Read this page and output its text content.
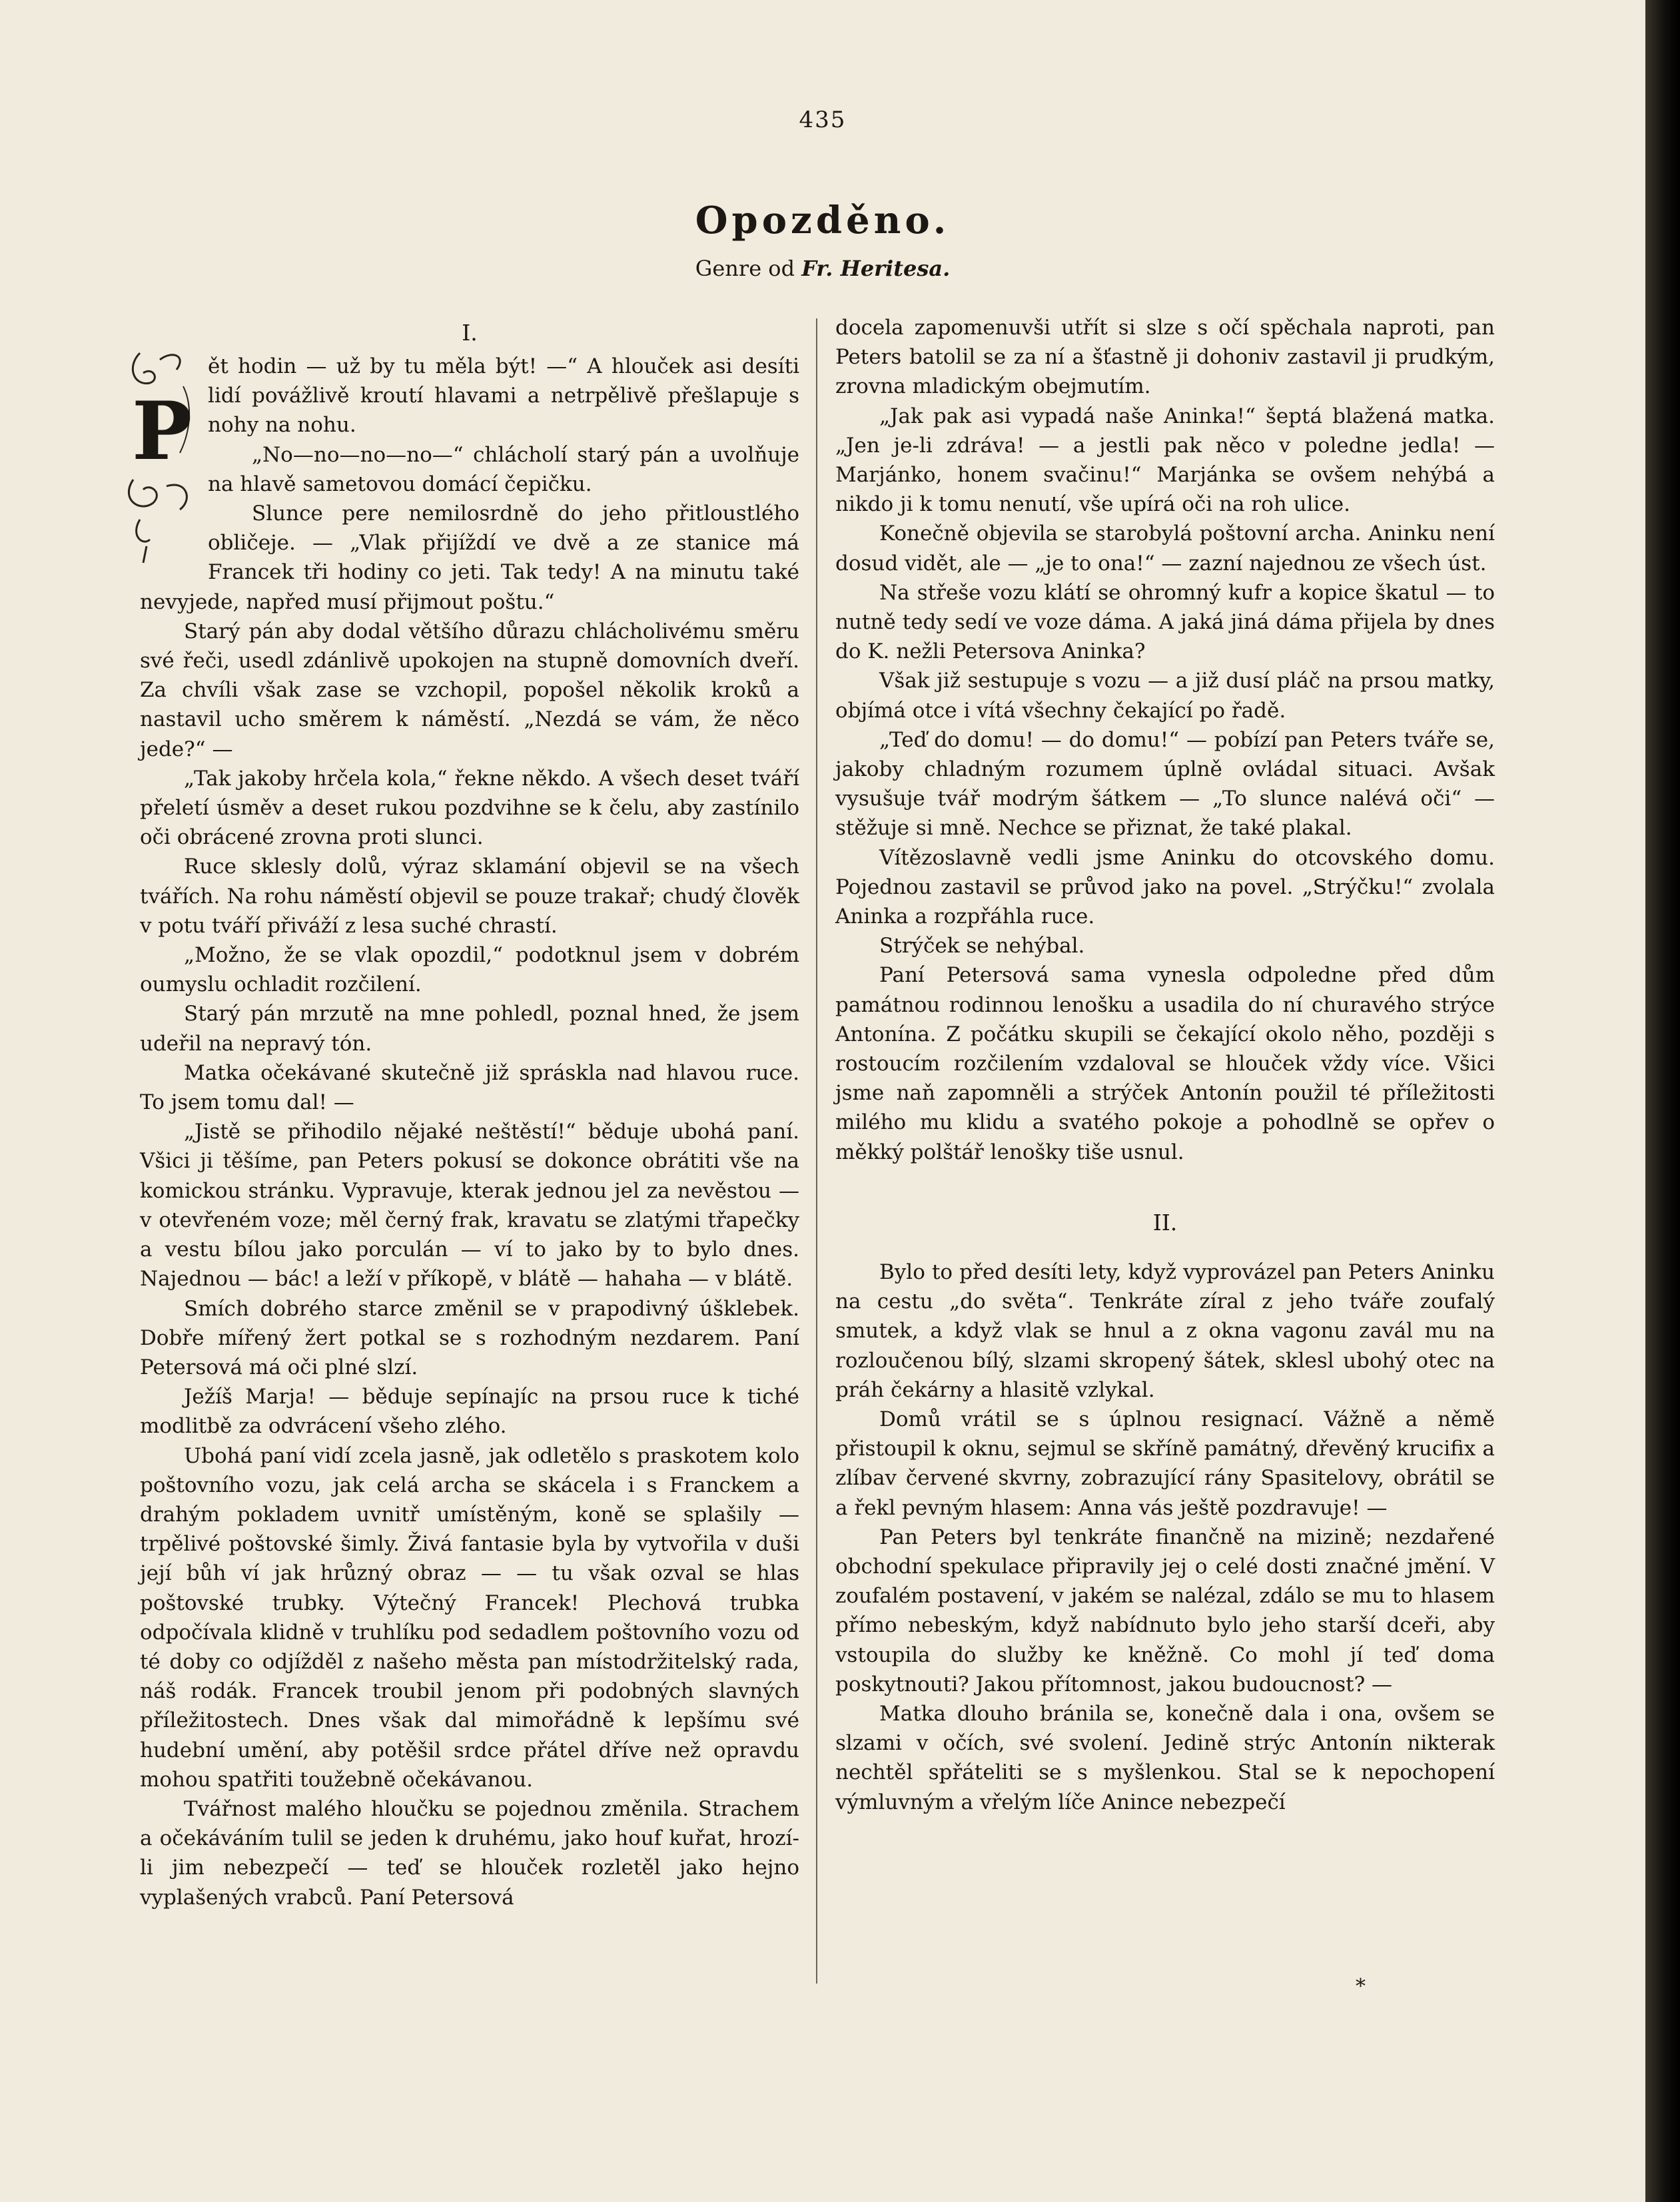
435
Opozděno.
Genre od Fr. Heritesa.
I.

P
ět hodin — už by tu měla být! —“ A hlouček asi desíti lidí povážlivě kroutí hlavami a netrpělivě přešlapuje s nohy na nohu.

„No—no—no—no—“ chlácholí starý pán a uvolňuje na hlavě sametovou domácí čepičku.

Slunce pere nemilosrdně do jeho přitloustlého obličeje. — „Vlak přijíždí ve dvě a ze stanice má Francek tři hodiny co jeti. Tak tedy! A na minutu také nevyjede, napřed musí přijmout poštu.“

Starý pán aby dodal většího důrazu chlácholivému směru své řeči, usedl zdánlivě upokojen na stupně domovních dveří. Za chvíli však zase se vzchopil, popošel několik kroků a nastavil ucho směrem k náměstí. „Nezdá se vám, že něco jede?“ —

„Tak jakoby hrčela kola,“ řekne někdo. A všech deset tváří přeletí úsměv a deset rukou pozdvihne se k čelu, aby zastínilo oči obrácené zrovna proti slunci.

Ruce sklesly dolů, výraz sklamání objevil se na všech tvářích. Na rohu náměstí objevil se pouze trakař; chudý člověk v potu tváří přiváží z lesa suché chrastí.

„Možno, že se vlak opozdil,“ podotknul jsem v dobrém oumyslu ochladit rozčilení.

Starý pán mrzutě na mne pohledl, poznal hned, že jsem udeřil na nepravý tón.

Matka očekávané skutečně již spráskla nad hlavou ruce. To jsem tomu dal! —

„Jistě se přihodilo nějaké neštěstí!“ běduje ubohá paní. Všici ji těšíme, pan Peters pokusí se dokonce obrátiti vše na komickou stránku. Vypravuje, kterak jednou jel za nevěstou — v otevřeném voze; měl černý frak, kravatu se zlatými třapečky a vestu bílou jako porculán — ví to jako by to bylo dnes. Najednou — bác! a leží v příkopě, v blátě — hahaha — v blátě.

Smích dobrého starce změnil se v prapodivný úšklebek. Dobře mířený žert potkal se s rozhodným nezdarem. Paní Petersová má oči plné slzí.

Ježíš Marja! — běduje sepínajíc na prsou ruce k tiché modlitbě za odvrácení všeho zlého.

Ubohá paní vidí zcela jasně, jak odletělo s praskotem kolo poštovního vozu, jak celá archa se skácela i s Franckem a drahým pokladem uvnitř umístěným, koně se splašily — trpělivé poštovské šimly. Živá fantasie byla by vytvořila v duši její bůh ví jak hrůzný obraz — — tu však ozval se hlas poštovské trubky. Výtečný Francek! Plechová trubka odpočívala klidně v truhlíku pod sedadlem poštovního vozu od té doby co odjížděl z našeho města pan místodržitelský rada, náš rodák. Francek troubil jenom při podobných slavných příležitostech. Dnes však dal mimořádně k lepšímu své hudební umění, aby potěšil srdce přátel dříve než opravdu mohou spatřiti toužebně očekávanou.

Tvářnost malého hloučku se pojednou změnila. Strachem a očekáváním tulil se jeden k druhému, jako houf kuřat, hrozí-li jim nebezpečí — teď se hlouček rozletěl jako hejno vyplašených vrabců. Paní Petersová

docela zapomenuvši utřít si slze s očí spěchala naproti, pan Peters batolil se za ní a šťastně ji dohoniv zastavil ji prudkým, zrovna mladickým obejmutím.

„Jak pak asi vypadá naše Aninka!“ šeptá blažená matka. „Jen je-li zdráva! — a jestli pak něco v poledne jedla! — Marjánko, honem svačinu!“ Marjánka se ovšem nehýbá a nikdo ji k tomu nenutí, vše upírá oči na roh ulice.

Konečně objevila se starobylá poštovní archa. Aninku není dosud vidět, ale — „je to ona!“ — zazní najednou ze všech úst.

Na střeše vozu klátí se ohromný kufr a kopice škatul — to nutně tedy sedí ve voze dáma. A jaká jiná dáma přijela by dnes do K. nežli Petersova Aninka?

Však již sestupuje s vozu — a již dusí pláč na prsou matky, objímá otce i vítá všechny čekající po řadě.

„Teď do domu! — do domu!“ — pobízí pan Peters tváře se, jakoby chladným rozumem úplně ovládal situaci. Avšak vysušuje tvář modrým šátkem — „To slunce nalévá oči“ — stěžuje si mně. Nechce se přiznat, že také plakal.

Vítězoslavně vedli jsme Aninku do otcovského domu. Pojednou zastavil se průvod jako na povel. „Strýčku!“ zvolala Aninka a rozpřáhla ruce.

Strýček se nehýbal.

Paní Petersová sama vynesla odpoledne před dům památnou rodinnou lenošku a usadila do ní churavého strýce Antonína. Z počátku skupili se čekající okolo něho, později s rostoucím rozčilením vzdaloval se hlouček vždy více. Všici jsme naň zapomněli a strýček Antonín použil té příležitosti milého mu klidu a svatého pokoje a pohodlně se opřev o měkký polštář lenošky tiše usnul.

II.

Bylo to před desíti lety, když vyprovázel pan Peters Aninku na cestu „do světa“. Tenkráte zíral z jeho tváře zoufalý smutek, a když vlak se hnul a z okna vagonu zavál mu na rozloučenou bílý, slzami skropený šátek, sklesl ubohý otec na práh čekárny a hlasitě vzlykal.

Domů vrátil se s úplnou resignací. Vážně a němě přistoupil k oknu, sejmul se skříně památný, dřevěný krucifix a zlíbav červené skvrny, zobrazující rány Spasitelovy, obrátil se a řekl pevným hlasem: Anna vás ještě pozdravuje! —

Pan Peters byl tenkráte finančně na mizině; nezdařené obchodní spekulace připravily jej o celé dosti značné jmění. V zoufalém postavení, v jakém se nalézal, zdálo se mu to hlasem přímo nebeským, když nabídnuto bylo jeho starší dceři, aby vstoupila do služby ke kněžně. Co mohl jí teď doma poskytnouti? Jakou přítomnost, jakou budoucnost? —

Matka dlouho bránila se, konečně dala i ona, ovšem se slzami v očích, své svolení. Jedině strýc Antonín nikterak nechtěl spřáteliti se s myšlenkou. Stal se k nepochopení výmluvným a vřelým líče Anince nebezpečí

*
